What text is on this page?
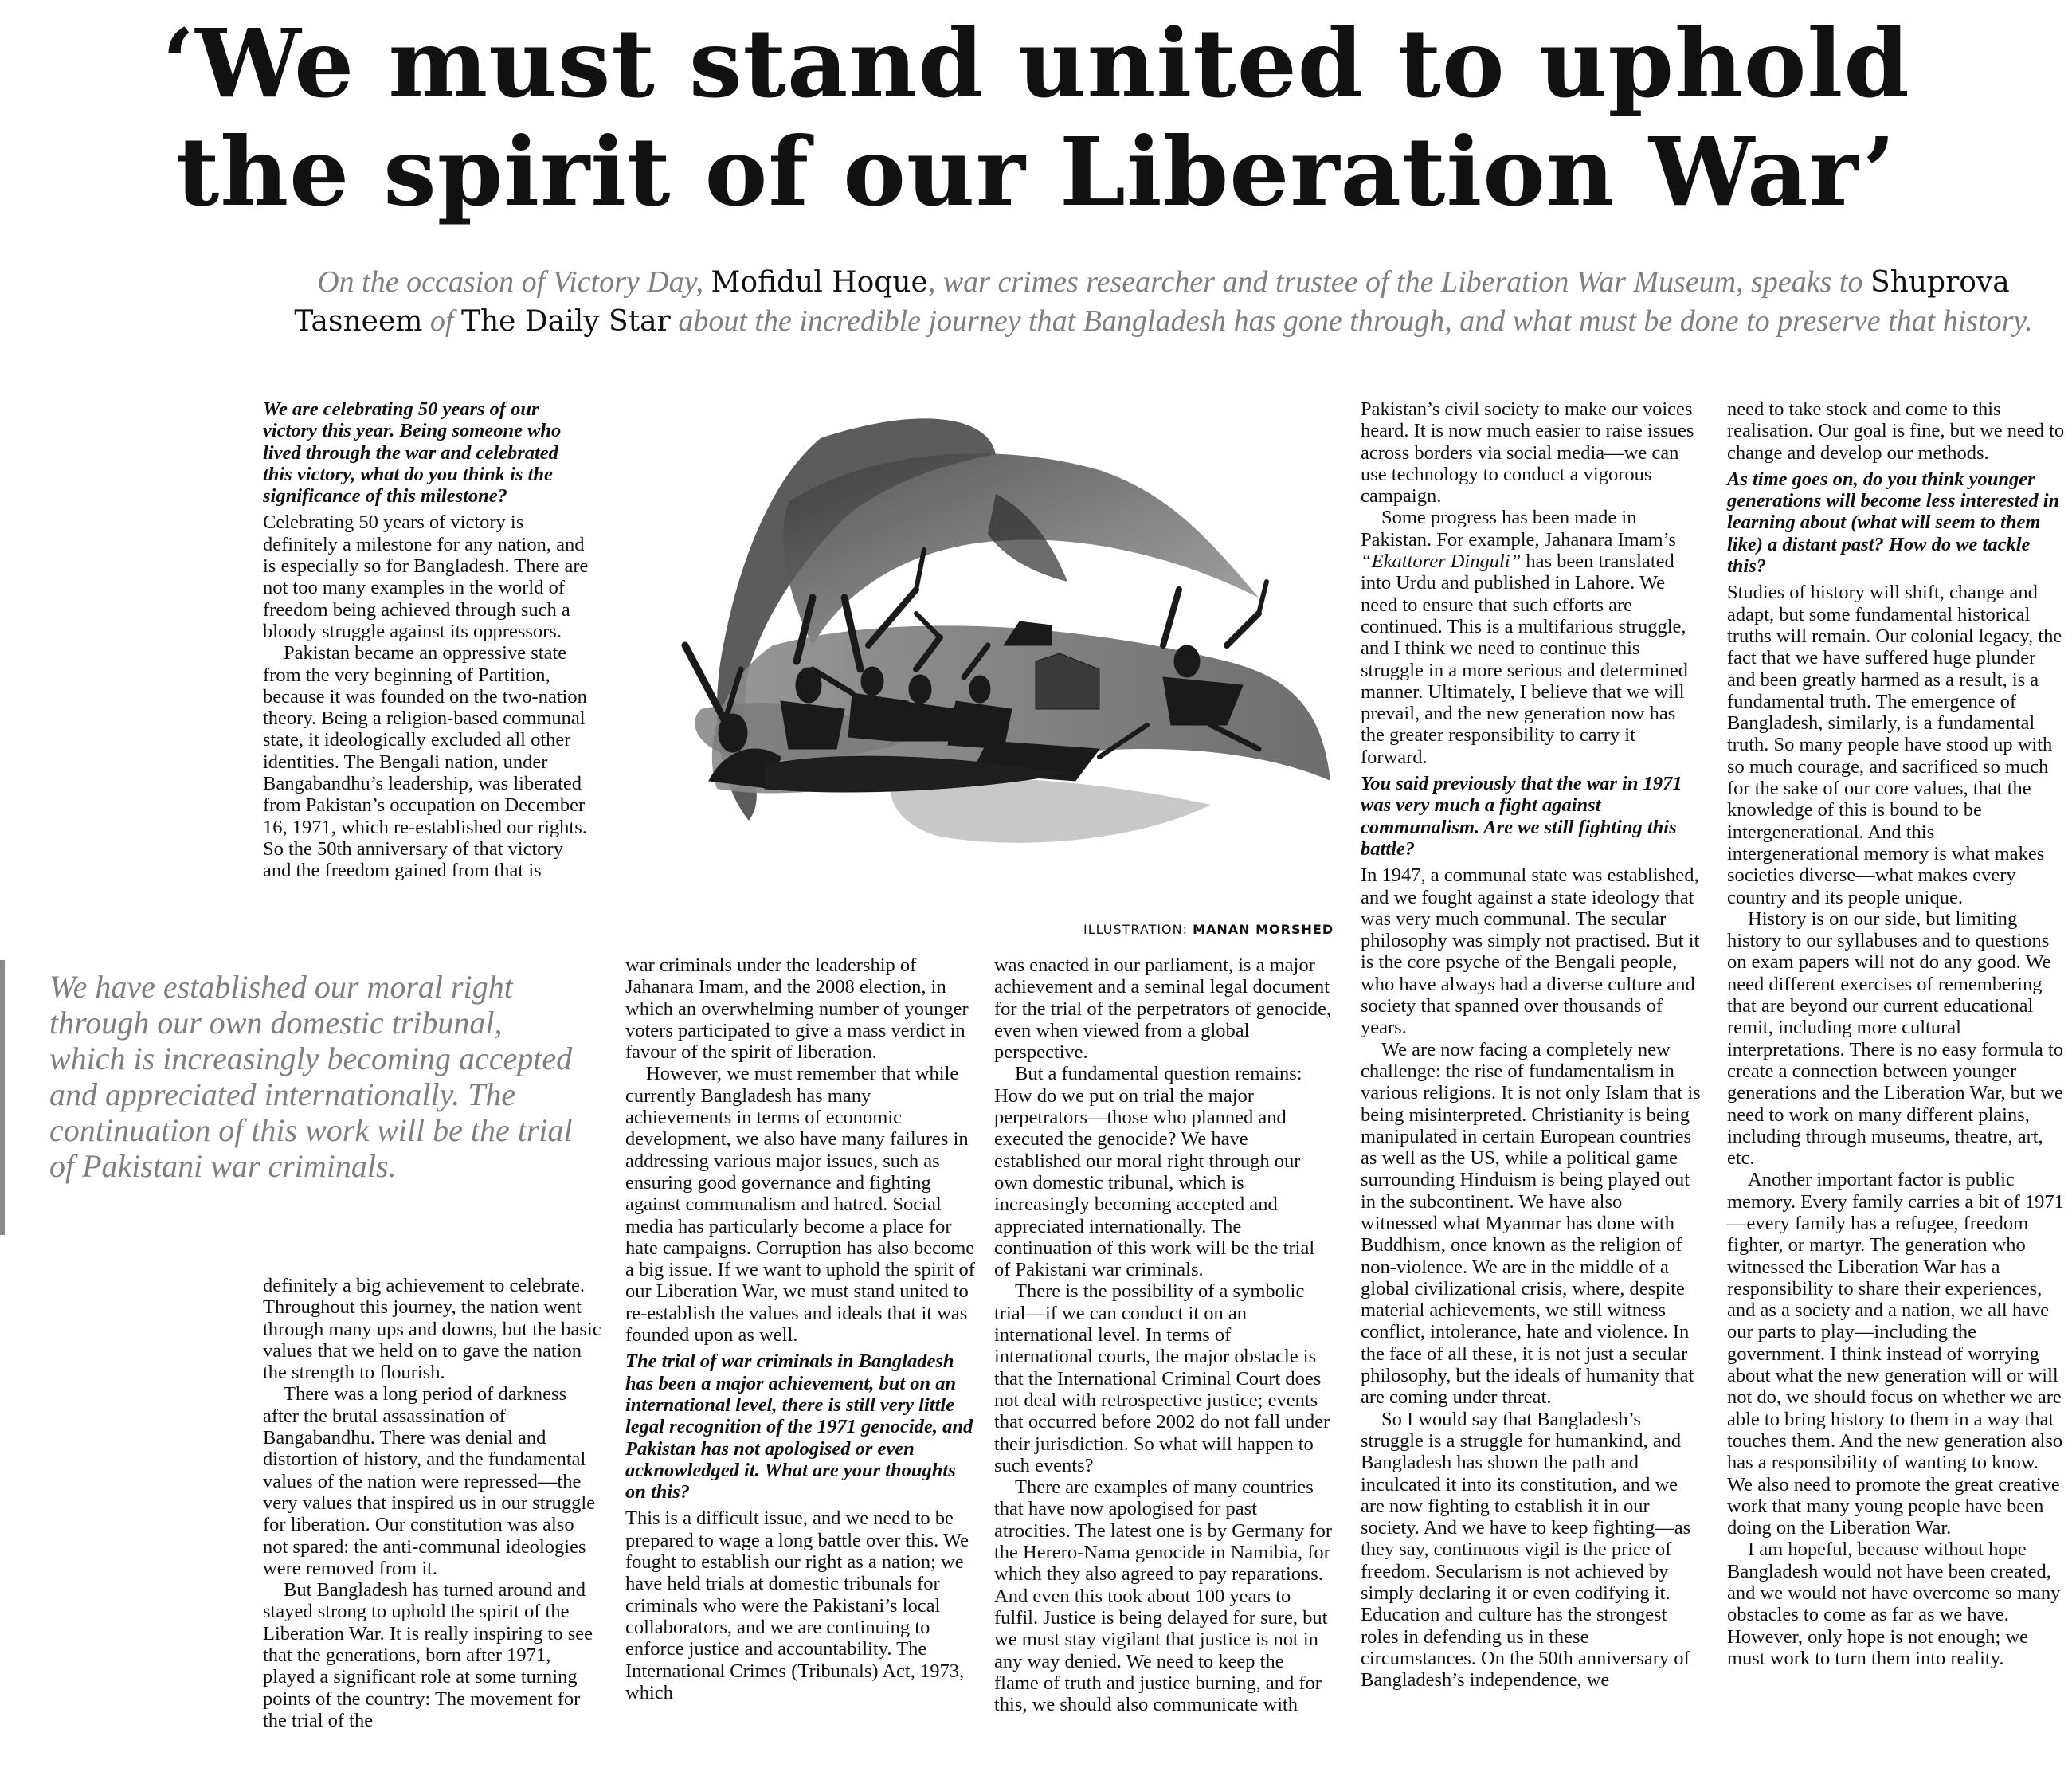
‘We must stand united to uphold
the spirit of our Liberation War’

On the occasion of Victory Day, Mofidul Hoque, war crimes researcher and trustee of the Liberation War Museum, speaks to Shuprova Tasneem of The Daily Star about the incredible journey that Bangladesh has gone through, and what must be done to preserve that history.

ILLUSTRATION: MANAN MORSHED
We have established our moral right through our own domestic tribunal, which is increasingly becoming accepted and appreciated internationally. The continuation of this work will be the trial of Pakistani war criminals.

We are celebrating 50 years of our victory this year. Being someone who lived through the war and celebrated this victory, what do you think is the significance of this milestone?

Celebrating 50 years of victory is definitely a milestone for any nation, and is especially so for Bangladesh. There are not too many examples in the world of freedom being achieved through such a bloody struggle against its oppressors.

Pakistan became an oppressive state from the very beginning of Partition, because it was founded on the two-nation theory. Being a religion-based communal state, it ideologically excluded all other identities. The Bengali nation, under Bangabandhu’s leadership, was liberated from Pakistan’s occupation on December 16, 1971, which re-established our rights. So the 50th anniversary of that victory and the freedom gained from that is

definitely a big achievement to celebrate. Throughout this journey, the nation went through many ups and downs, but the basic values that we held on to gave the nation the strength to flourish.

There was a long period of darkness after the brutal assassination of Bangabandhu. There was denial and distortion of history, and the fundamental values of the nation were repressed—the very values that inspired us in our struggle for liberation. Our constitution was also not spared: the anti-communal ideologies were removed from it.

But Bangladesh has turned around and stayed strong to uphold the spirit of the Liberation War. It is really inspiring to see that the generations, born after 1971, played a significant role at some turning points of the country: The movement for the trial of the

war criminals under the leadership of Jahanara Imam, and the 2008 election, in which an overwhelming number of younger voters participated to give a mass verdict in favour of the spirit of liberation.

However, we must remember that while currently Bangladesh has many achievements in terms of economic development, we also have many failures in addressing various major issues, such as ensuring good governance and fighting against communalism and hatred. Social media has particularly become a place for hate campaigns. Corruption has also become a big issue. If we want to uphold the spirit of our Liberation War, we must stand united to re-establish the values and ideals that it was founded upon as well.

The trial of war criminals in Bangladesh has been a major achievement, but on an international level, there is still very little legal recognition of the 1971 genocide, and Pakistan has not apologised or even acknowledged it. What are your thoughts on this?

This is a difficult issue, and we need to be prepared to wage a long battle over this. We fought to establish our right as a nation; we have held trials at domestic tribunals for criminals who were the Pakistani’s local collaborators, and we are continuing to enforce justice and accountability. The International Crimes (Tribunals) Act, 1973, which

was enacted in our parliament, is a major achievement and a seminal legal document for the trial of the perpetrators of genocide, even when viewed from a global perspective.

But a fundamental question remains: How do we put on trial the major perpetrators—those who planned and executed the genocide? We have established our moral right through our own domestic tribunal, which is increasingly becoming accepted and appreciated internationally. The continuation of this work will be the trial of Pakistani war criminals.

There is the possibility of a symbolic trial—if we can conduct it on an international level. In terms of international courts, the major obstacle is that the International Criminal Court does not deal with retrospective justice; events that occurred before 2002 do not fall under their jurisdiction. So what will happen to such events?

There are examples of many countries that have now apologised for past atrocities. The latest one is by Germany for the Herero-Nama genocide in Namibia, for which they also agreed to pay reparations. And even this took about 100 years to fulfil. Justice is being delayed for sure, but we must stay vigilant that justice is not in any way denied. We need to keep the flame of truth and justice burning, and for this, we should also communicate with

Pakistan’s civil society to make our voices heard. It is now much easier to raise issues across borders via social media—we can use technology to conduct a vigorous campaign.

Some progress has been made in Pakistan. For example, Jahanara Imam’s “Ekattorer Dinguli” has been translated into Urdu and published in Lahore. We need to ensure that such efforts are continued. This is a multifarious struggle, and I think we need to continue this struggle in a more serious and determined manner. Ultimately, I believe that we will prevail, and the new generation now has the greater responsibility to carry it forward.

You said previously that the war in 1971 was very much a fight against communalism. Are we still fighting this battle?

In 1947, a communal state was established, and we fought against a state ideology that was very much communal. The secular philosophy was simply not practised. But it is the core psyche of the Bengali people, who have always had a diverse culture and society that spanned over thousands of years.

We are now facing a completely new challenge: the rise of fundamentalism in various religions. It is not only Islam that is being misinterpreted. Christianity is being manipulated in certain European countries as well as the US, while a political game surrounding Hinduism is being played out in the subcontinent. We have also witnessed what Myanmar has done with Buddhism, once known as the religion of non-violence. We are in the middle of a global civilizational crisis, where, despite material achievements, we still witness conflict, intolerance, hate and violence. In the face of all these, it is not just a secular philosophy, but the ideals of humanity that are coming under threat.

So I would say that Bangladesh’s struggle is a struggle for humankind, and Bangladesh has shown the path and inculcated it into its constitution, and we are now fighting to establish it in our society. And we have to keep fighting—as they say, continuous vigil is the price of freedom. Secularism is not achieved by simply declaring it or even codifying it. Education and culture has the strongest roles in defending us in these circumstances. On the 50th anniversary of Bangladesh’s independence, we

need to take stock and come to this realisation. Our goal is fine, but we need to change and develop our methods.

As time goes on, do you think younger generations will become less interested in learning about (what will seem to them like) a distant past? How do we tackle this?

Studies of history will shift, change and adapt, but some fundamental historical truths will remain. Our colonial legacy, the fact that we have suffered huge plunder and been greatly harmed as a result, is a fundamental truth. The emergence of Bangladesh, similarly, is a fundamental truth. So many people have stood up with so much courage, and sacrificed so much for the sake of our core values, that the knowledge of this is bound to be intergenerational. And this intergenerational memory is what makes societies diverse—what makes every country and its people unique.

History is on our side, but limiting history to our syllabuses and to questions on exam papers will not do any good. We need different exercises of remembering that are beyond our current educational remit, including more cultural interpretations. There is no easy formula to create a connection between younger generations and the Liberation War, but we need to work on many different plains, including through museums, theatre, art, etc.

Another important factor is public memory. Every family carries a bit of 1971—every family has a refugee, freedom fighter, or martyr. The generation who witnessed the Liberation War has a responsibility to share their experiences, and as a society and a nation, we all have our parts to play—including the government. I think instead of worrying about what the new generation will or will not do, we should focus on whether we are able to bring history to them in a way that touches them. And the new generation also has a responsibility of wanting to know. We also need to promote the great creative work that many young people have been doing on the Liberation War.

I am hopeful, because without hope Bangladesh would not have been created, and we would not have overcome so many obstacles to come as far as we have. However, only hope is not enough; we must work to turn them into reality.
